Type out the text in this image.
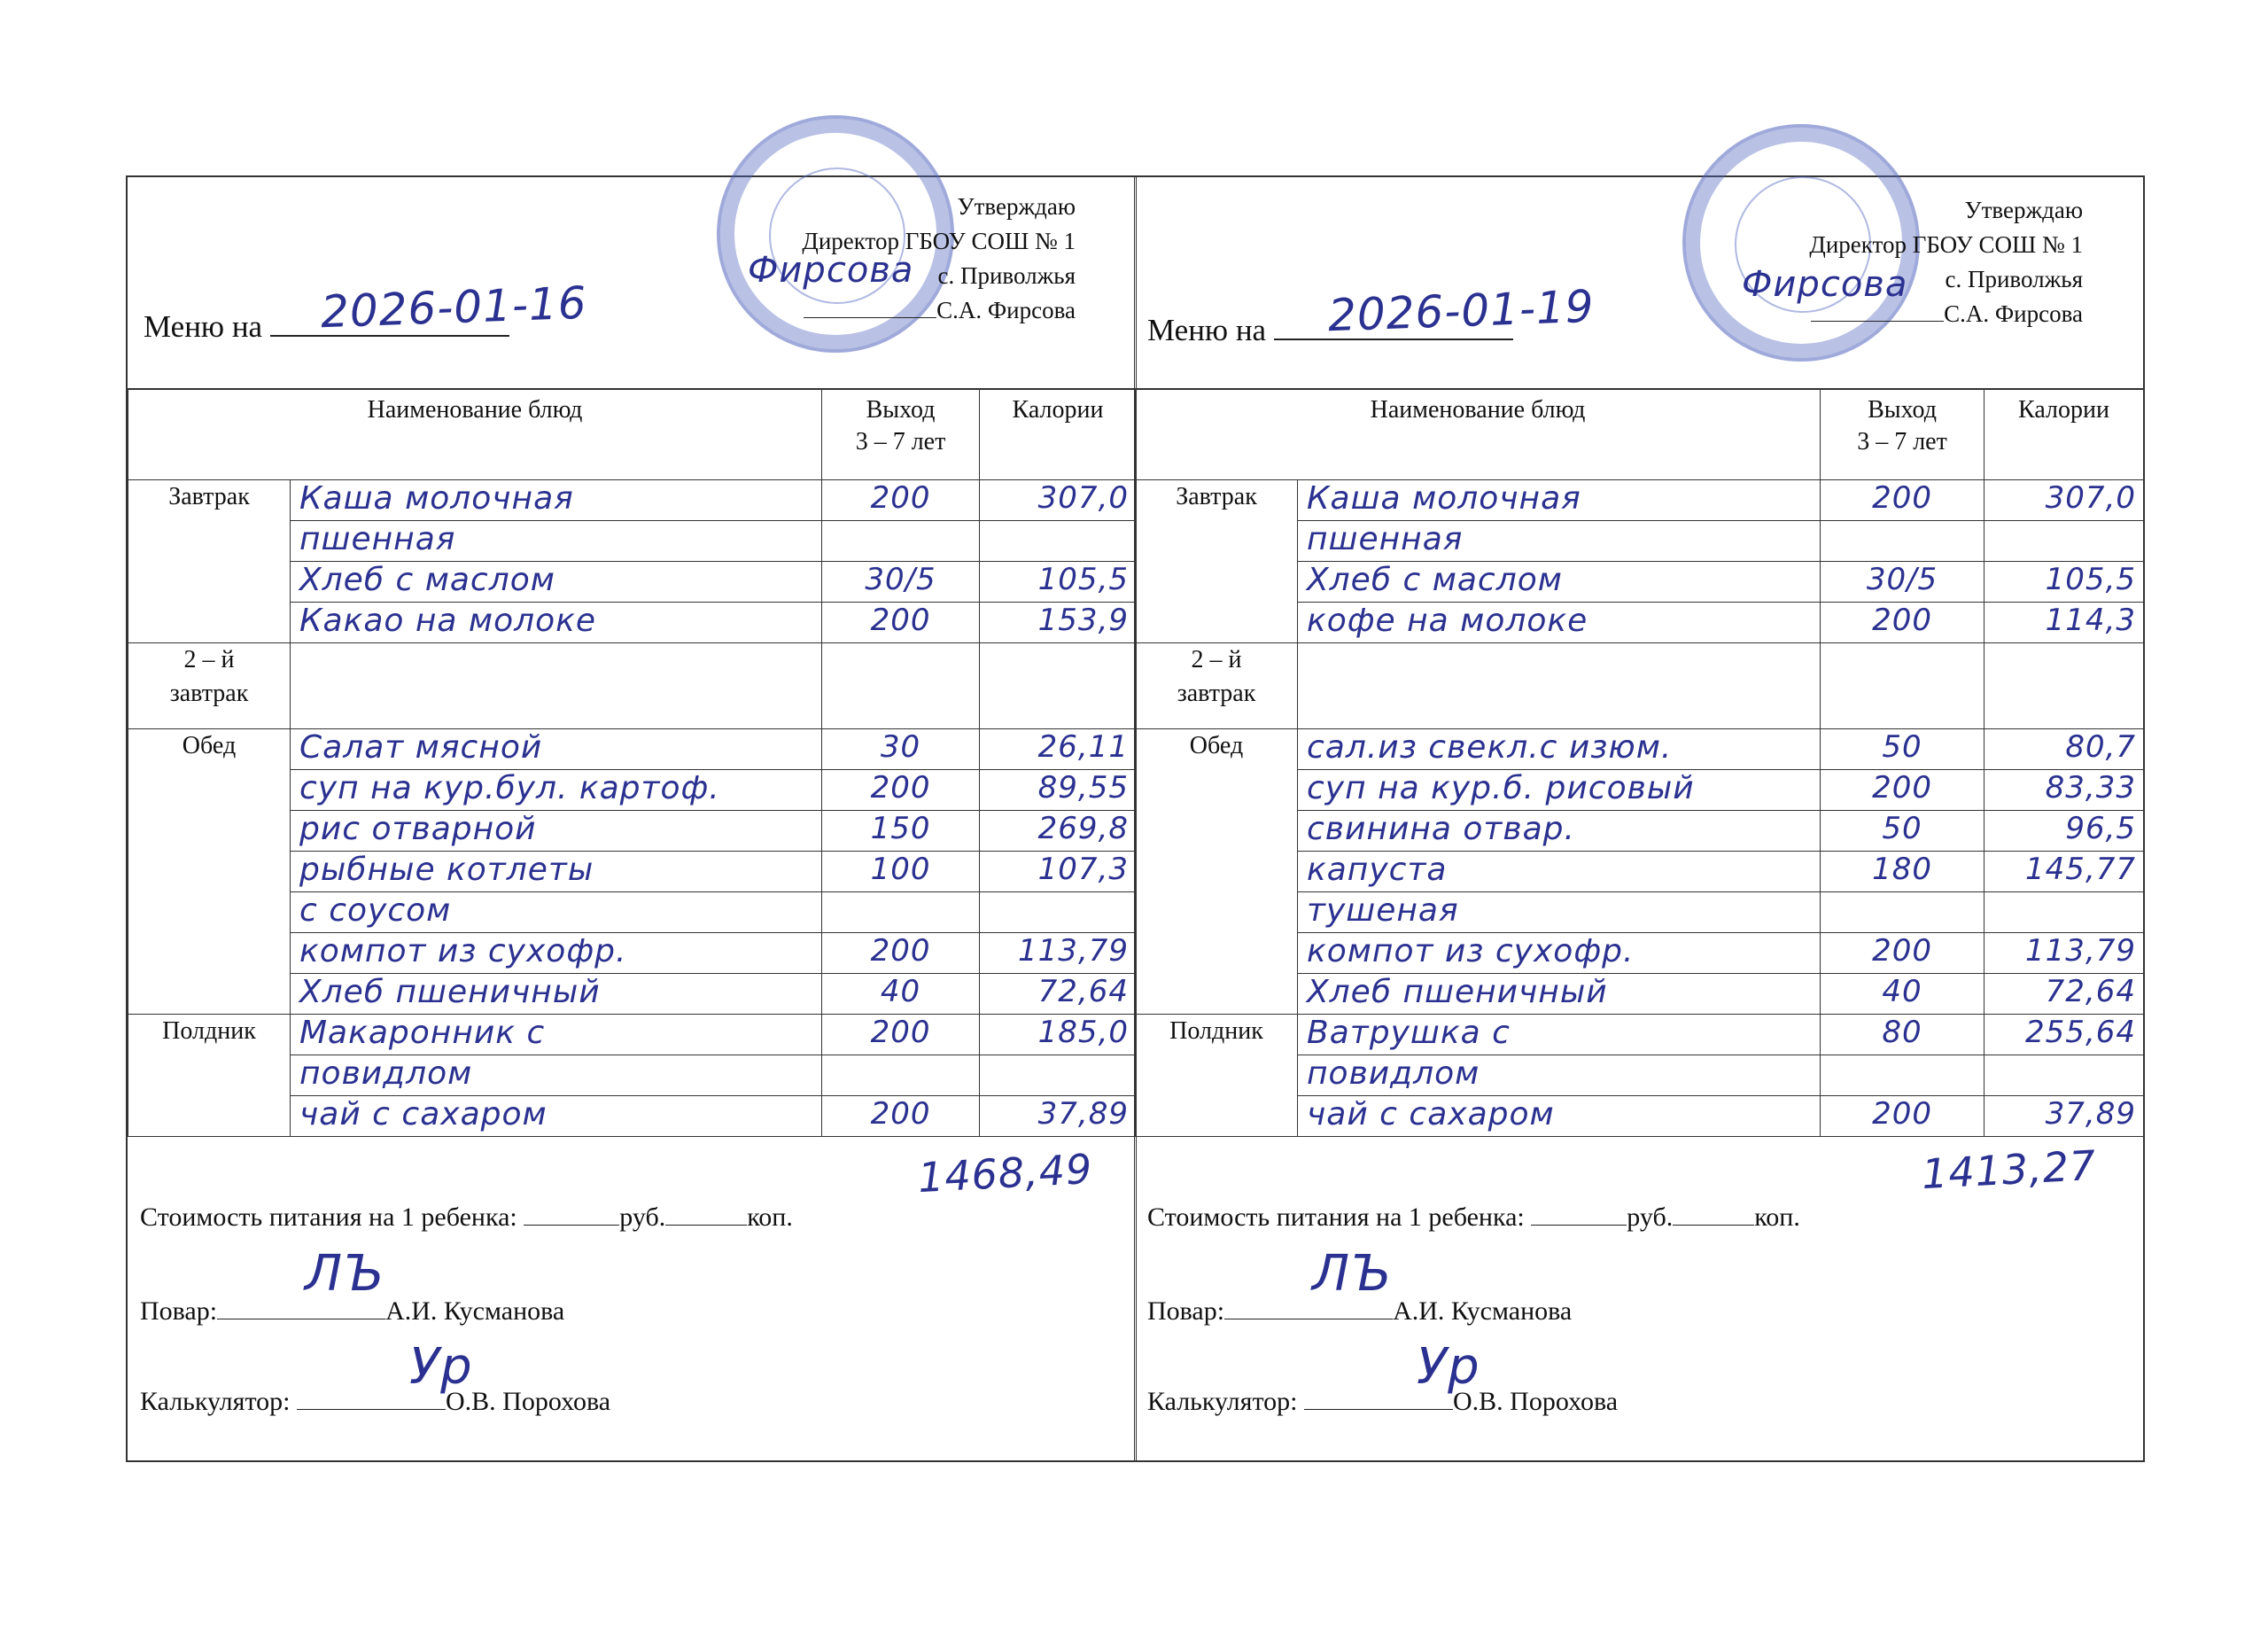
Утверждаю
Директор ГБОУ СОШ № 1
с. Приволжья
С.А. Фирсова
Фирсова
Меню на	2026-01-16
Наименование блюд		Выход
3 – 7 лет	Калории
Завтрак	Каша молочная	200	307,0

	пшенная		
	Хлеб с маслом	30/5	105,5

	Какао на молоке	200	153,9

2 – й
завтрак			
Обед	Салат мясной	30	26,11

	суп на кур.бул. картоф.	200	89,55

	рис отварной	150	269,8

	рыбные котлеты	100	107,3

	с соусом		
	компот из сухофр.	200	113,79

	Хлеб пшеничный	40	72,64

Полдник	Макаронник с	200	185,0

	повидлом		
	чай с сахаром	200	37,89
Стоимость питания на 1 ребенка:	руб.	коп.
1468,49
Повар:	А.И. Кусманова
ЛЪ
Калькулятор:	О.В. Порохова
Ур
Утверждаю
Директор ГБОУ СОШ № 1
с. Приволжья
С.А. Фирсова
Фирсова
Меню на	2026-01-19
Наименование блюд		Выход
3 – 7 лет	Калории
Завтрак	Каша молочная	200	307,0

	пшенная		
	Хлеб с маслом	30/5	105,5

	кофе на молоке	200	114,3

2 – й
завтрак			
Обед	сал.из свекл.с изюм.	50	80,7

	суп на кур.б. рисовый	200	83,33

	свинина отвар.	50	96,5

	капуста	180	145,77

	тушеная		
	компот из сухофр.	200	113,79

	Хлеб пшеничный	40	72,64

Полдник	Ватрушка с	80	255,64

	повидлом		
	чай с сахаром	200	37,89
Стоимость питания на 1 ребенка:	руб.	коп.
1413,27
Повар:	А.И. Кусманова
ЛЪ
Калькулятор:	О.В. Порохова
Ур
